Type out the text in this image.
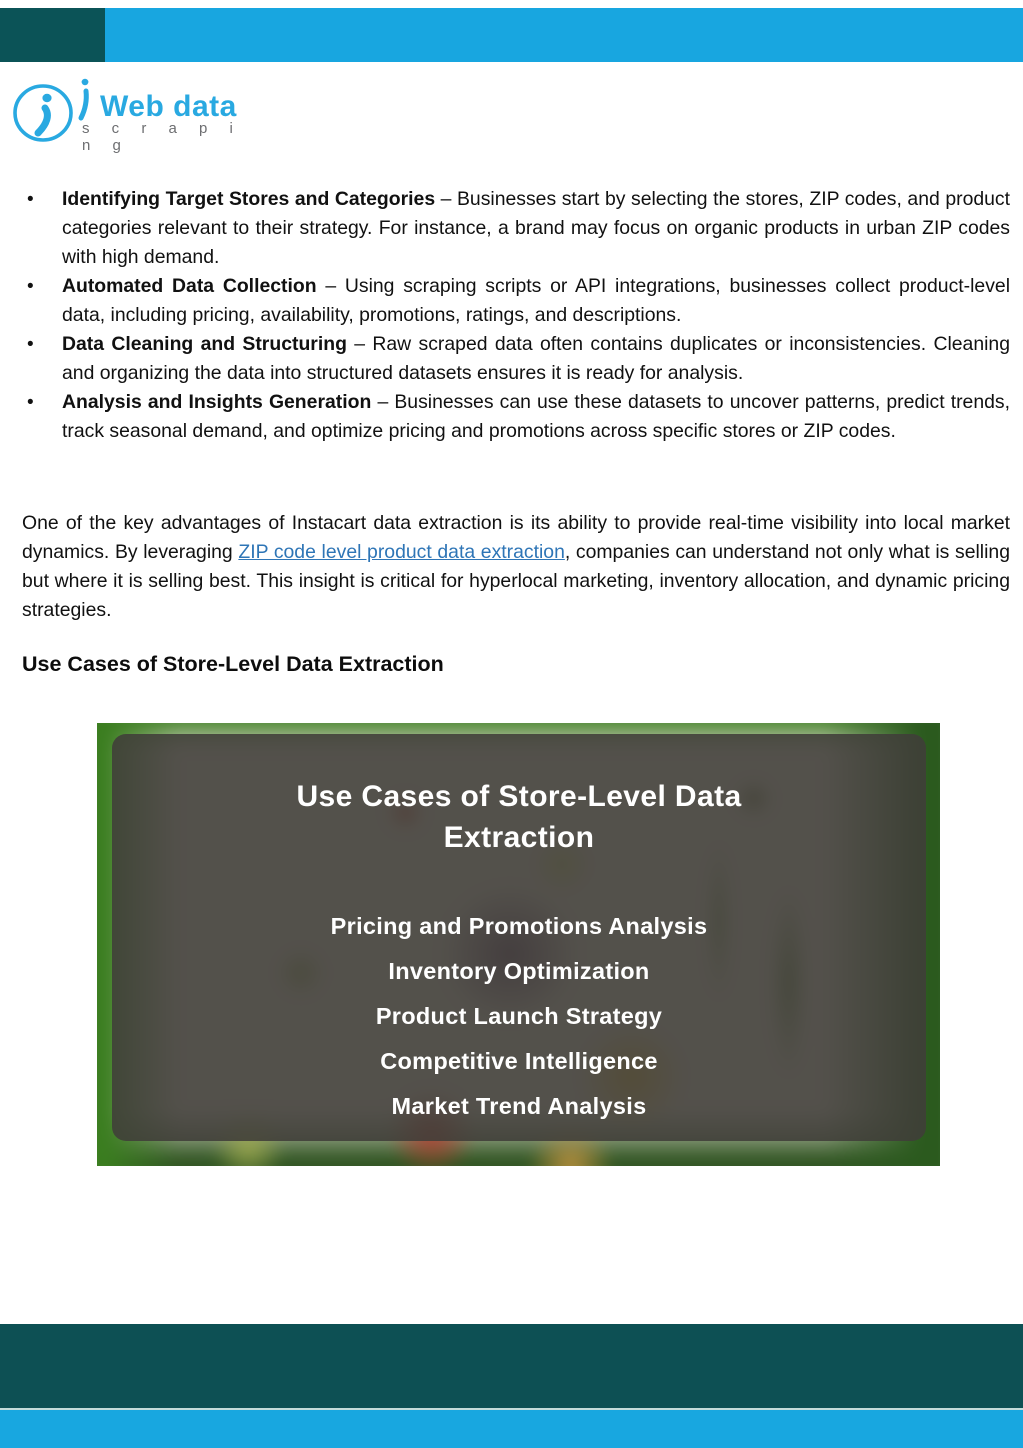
Web data
s c r a p i n g
• Identifying Target Stores and Categories – Businesses start by selecting the stores, ZIP codes, and product categories relevant to their strategy. For instance, a brand may focus on organic products in urban ZIP codes with high demand.
• Automated Data Collection – Using scraping scripts or API integrations, businesses collect product-level data, including pricing, availability, promotions, ratings, and descriptions.
• Data Cleaning and Structuring – Raw scraped data often contains duplicates or inconsistencies. Cleaning and organizing the data into structured datasets ensures it is ready for analysis.
• Analysis and Insights Generation – Businesses can use these datasets to uncover patterns, predict trends, track seasonal demand, and optimize pricing and promotions across specific stores or ZIP codes.

One of the key advantages of Instacart data extraction is its ability to provide real-time visibility into local market dynamics. By leveraging ZIP code level product data extraction, companies can understand not only what is selling but where it is selling best. This insight is critical for hyperlocal marketing, inventory allocation, and dynamic pricing strategies.

Use Cases of Store-Level Data Extraction
Use Cases of Store-Level Data Extraction
Pricing and Promotions Analysis
Inventory Optimization
Product Launch Strategy
Competitive Intelligence
Market Trend Analysis
